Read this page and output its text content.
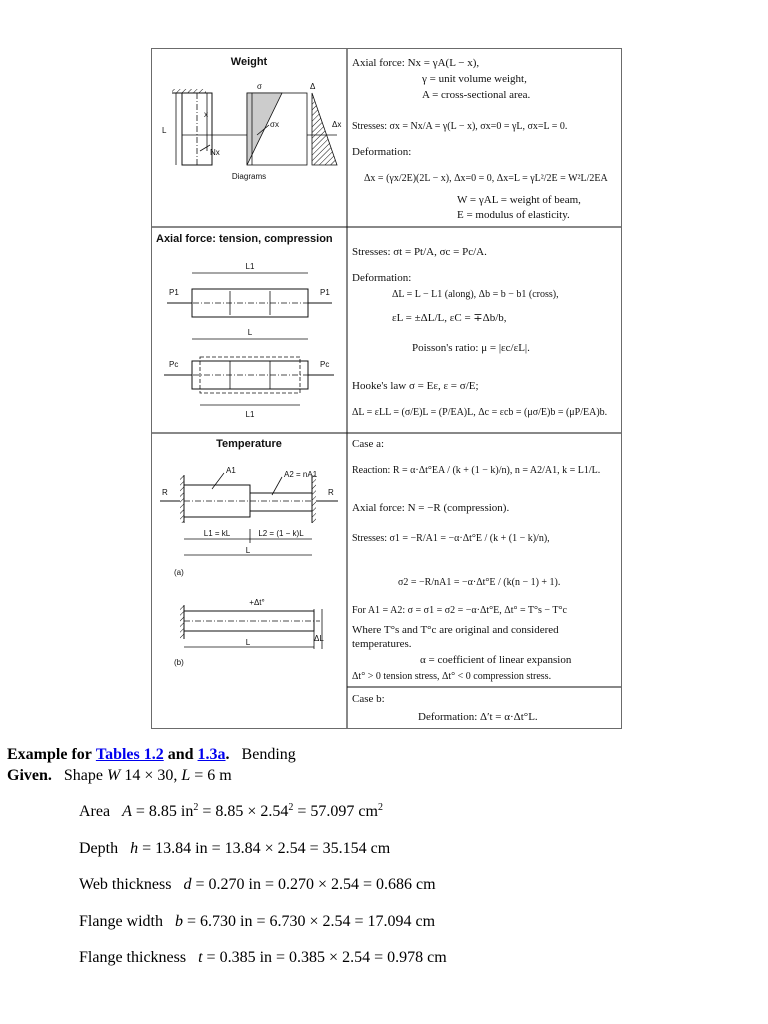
Weight
L
x
σ	Δ
σx	Δx
Nx
Diagrams
Axial force: Nx = γA(L − x),
γ = unit volume weight,
A = cross-sectional area.
Stresses: σx = Nx/A = γ(L − x), σx=0 = γL, σx=L = 0.
Deformation:
Δx = (γx/2E)(2L − x), Δx=0 = 0, Δx=L = γL²/2E = W²L/2EA
W = γAL = weight of beam,
E = modulus of elasticity.
Axial force: tension, compression
L1
P1	P1
L
Pc	Pc
L1
Stresses: σt = Pt/A, σc = Pc/A.
Deformation:
ΔL = L − L1 (along), Δb = b − b1 (cross),
εL = ±ΔL/L, εC = ∓Δb/b,
Poisson's ratio: μ = |εc/εL|.
Hooke's law σ = Eε, ε = σ/E;
ΔL = εLL = (σ/E)L = (P/EA)L, Δc = εcb = (μσ/E)b = (μP/EA)b.
Temperature
R	R
A1	A2 = nA1
L1 = kL	L2 = (1 − k)L
L
(a)
+Δt°
L	ΔL
(b)
Case a:
Reaction: R = α·Δt°EA / (k + (1 − k)/n), n = A2/A1, k = L1/L.
Axial force: N = −R (compression).
Stresses: σ1 = −R/A1 = −α·Δt°E / (k + (1 − k)/n),
σ2 = −R/nA1 = −α·Δt°E / (k(n − 1) + 1).
For A1 = A2: σ = σ1 = σ2 = −α·Δt°E, Δt° = T°s − T°c
Where T°s and T°c are original and considered
temperatures.
α = coefficient of linear expansion
Δt° > 0 tension stress, Δt° < 0 compression stress.
Case b:
Deformation: Δ′t = α·Δt°L.
Example for Tables 1.2 and 1.3a. Bending
Given. Shape W 14 × 30, L = 6 m
Area A = 8.85 $in^2 = 8.85 \times 2.54^2 = 57.097$ $cm^2$
Depth h = 13.84 in = 13.84 × 2.54 = 35.154 cm
Web thickness d = 0.270 in = 0.270 × 2.54 = 0.686 cm
Flange width b = 6.730 in = 6.730 × 2.54 = 17.094 cm
Flange thickness t = 0.385 in = 0.385 × 2.54 = 0.978 cm
